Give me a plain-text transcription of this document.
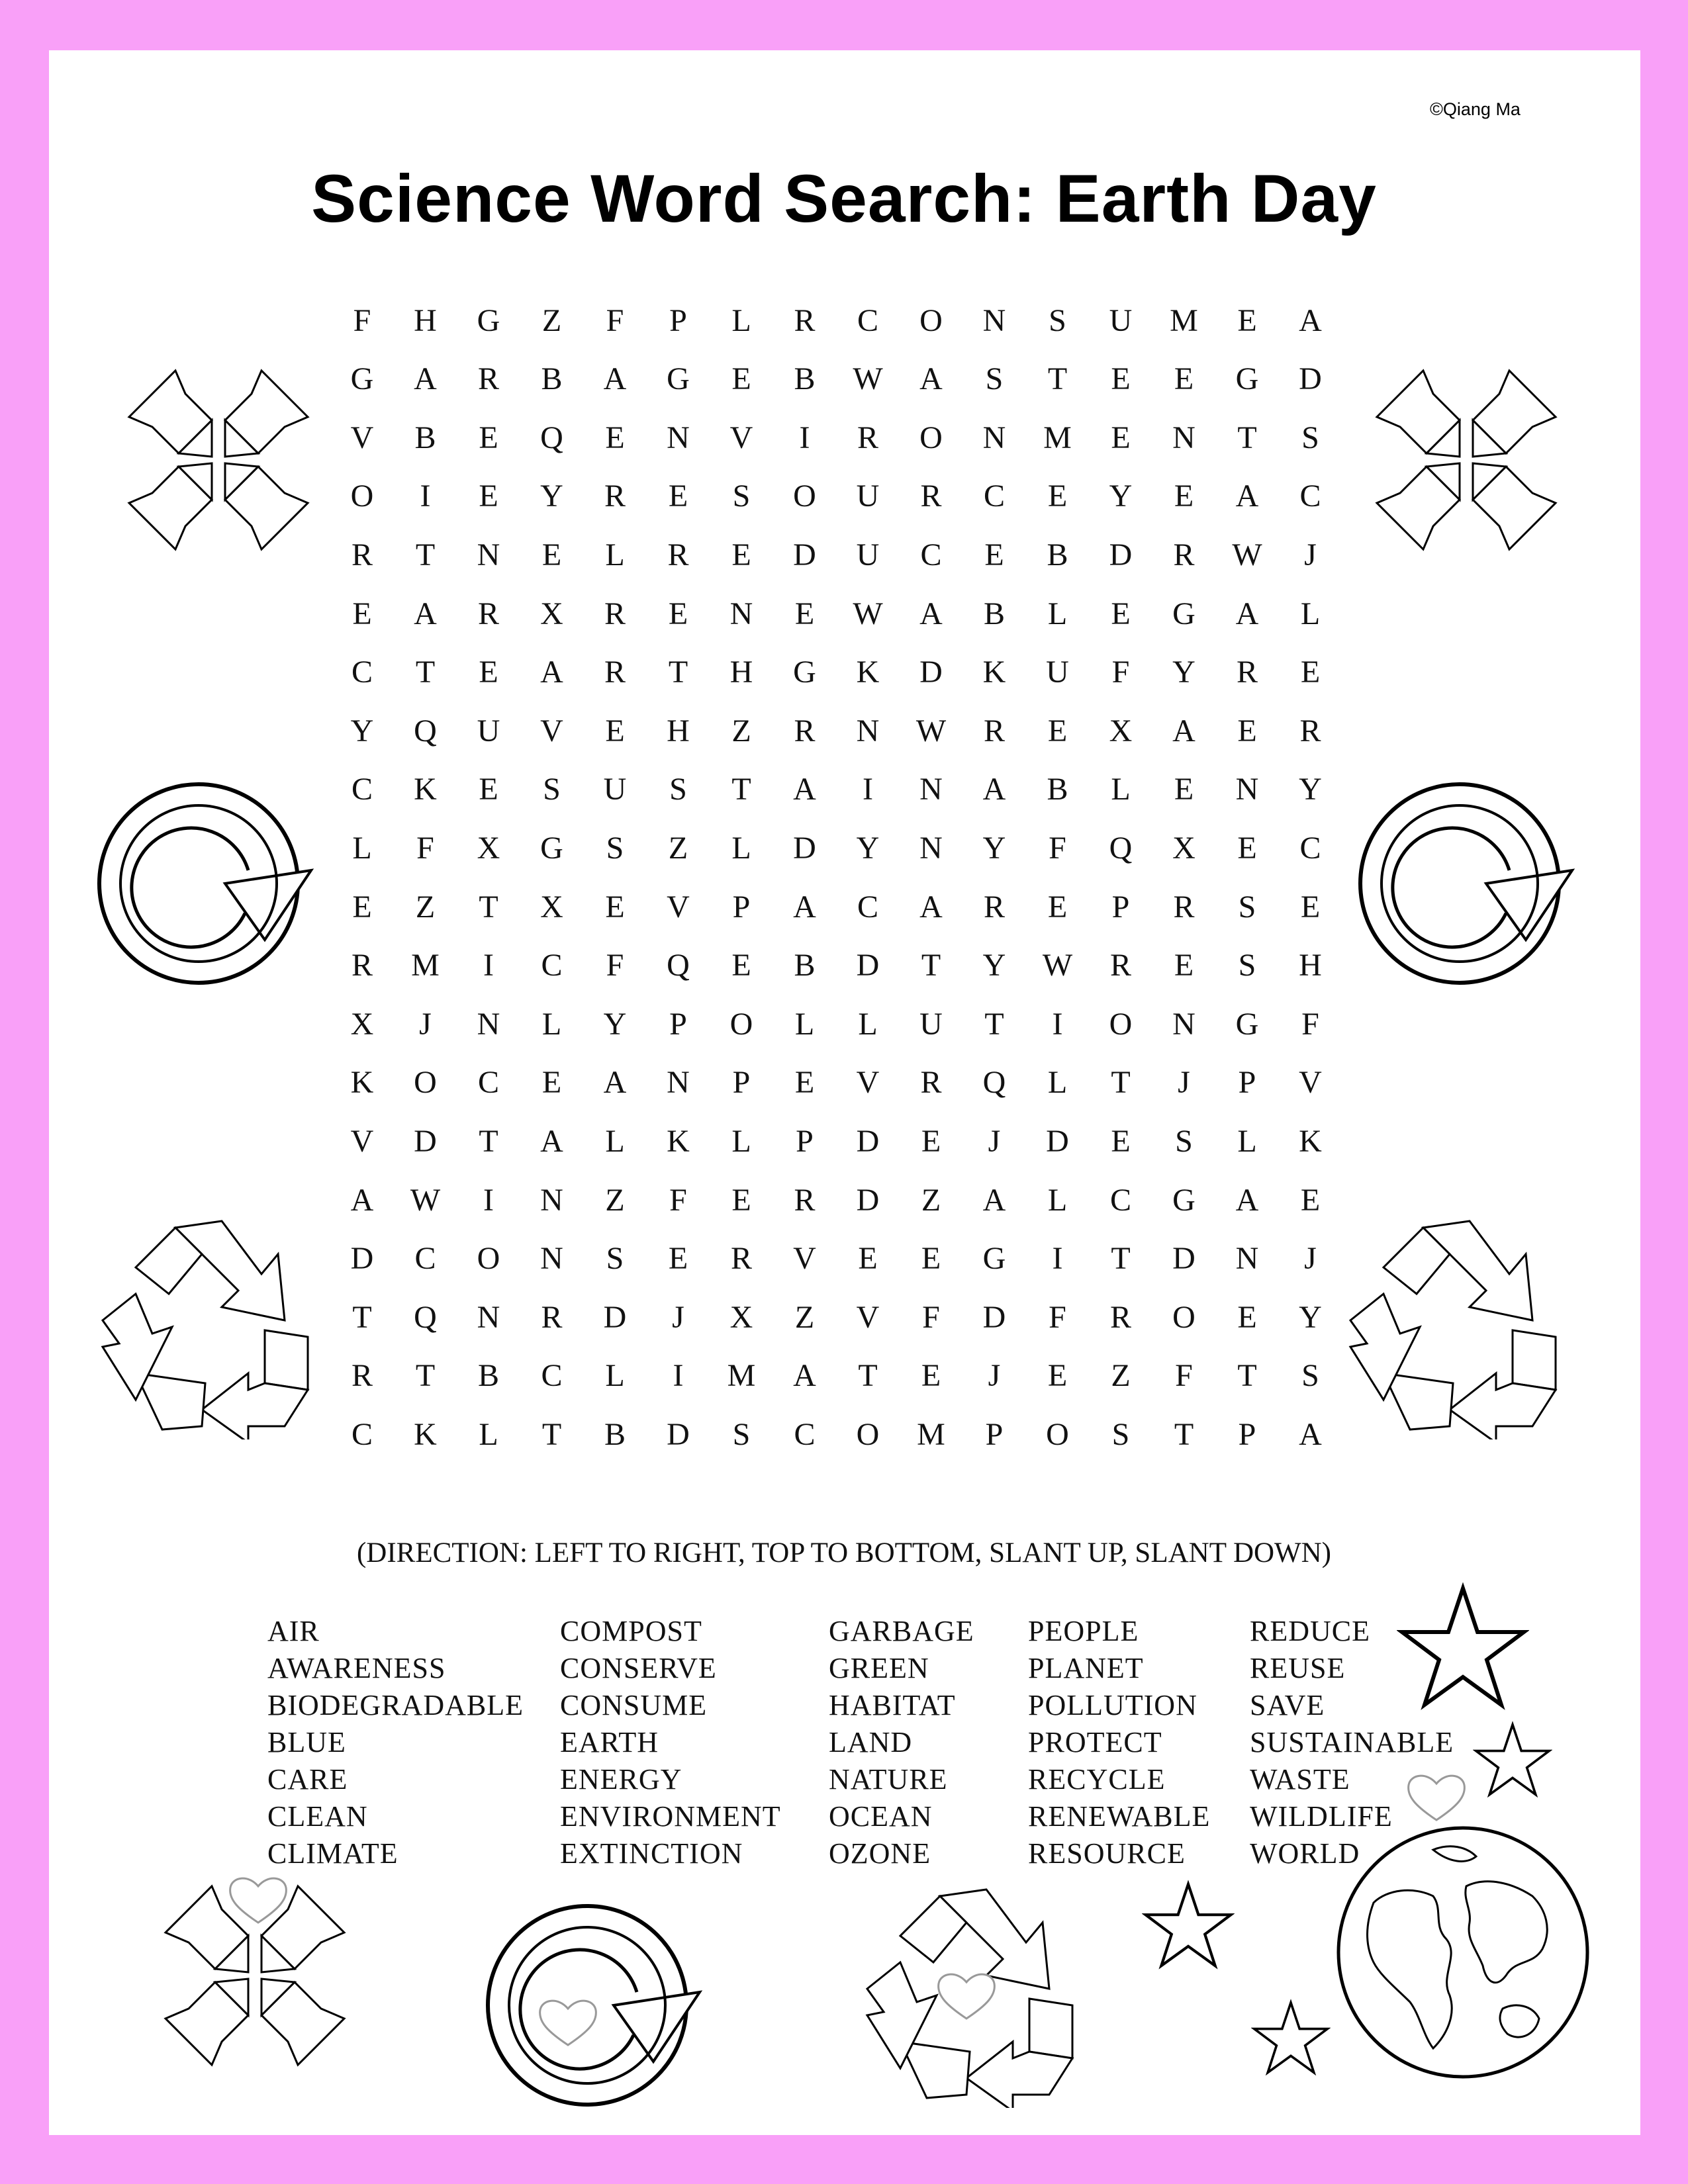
©Qiang Ma
Science Word Search: Earth Day
F	H	G	Z	F	P	L	R	C	O	N	S	U	M	E	A
G	A	R	B	A	G	E	B	W	A	S	T	E	E	G	D
V	B	E	Q	E	N	V	I	R	O	N	M	E	N	T	S
O	I	E	Y	R	E	S	O	U	R	C	E	Y	E	A	C
R	T	N	E	L	R	E	D	U	C	E	B	D	R	W	J
E	A	R	X	R	E	N	E	W	A	B	L	E	G	A	L
C	T	E	A	R	T	H	G	K	D	K	U	F	Y	R	E
Y	Q	U	V	E	H	Z	R	N	W	R	E	X	A	E	R
C	K	E	S	U	S	T	A	I	N	A	B	L	E	N	Y
L	F	X	G	S	Z	L	D	Y	N	Y	F	Q	X	E	C
E	Z	T	X	E	V	P	A	C	A	R	E	P	R	S	E
R	M	I	C	F	Q	E	B	D	T	Y	W	R	E	S	H
X	J	N	L	Y	P	O	L	L	U	T	I	O	N	G	F
K	O	C	E	A	N	P	E	V	R	Q	L	T	J	P	V
V	D	T	A	L	K	L	P	D	E	J	D	E	S	L	K
A	W	I	N	Z	F	E	R	D	Z	A	L	C	G	A	E
D	C	O	N	S	E	R	V	E	E	G	I	T	D	N	J
T	Q	N	R	D	J	X	Z	V	F	D	F	R	O	E	Y
R	T	B	C	L	I	M	A	T	E	J	E	Z	F	T	S
C	K	L	T	B	D	S	C	O	M	P	O	S	T	P	A
(DIRECTION: LEFT TO RIGHT, TOP TO BOTTOM, SLANT UP, SLANT DOWN)
AIR
AWARENESS
BIODEGRADABLE
BLUE
CARE
CLEAN
CLIMATE
COMPOST
CONSERVE
CONSUME
EARTH
ENERGY
ENVIRONMENT
EXTINCTION
GARBAGE
GREEN
HABITAT
LAND
NATURE
OCEAN
OZONE
PEOPLE
PLANET
POLLUTION
PROTECT
RECYCLE
RENEWABLE
RESOURCE
REDUCE
REUSE
SAVE
SUSTAINABLE
WASTE
WILDLIFE
WORLD
